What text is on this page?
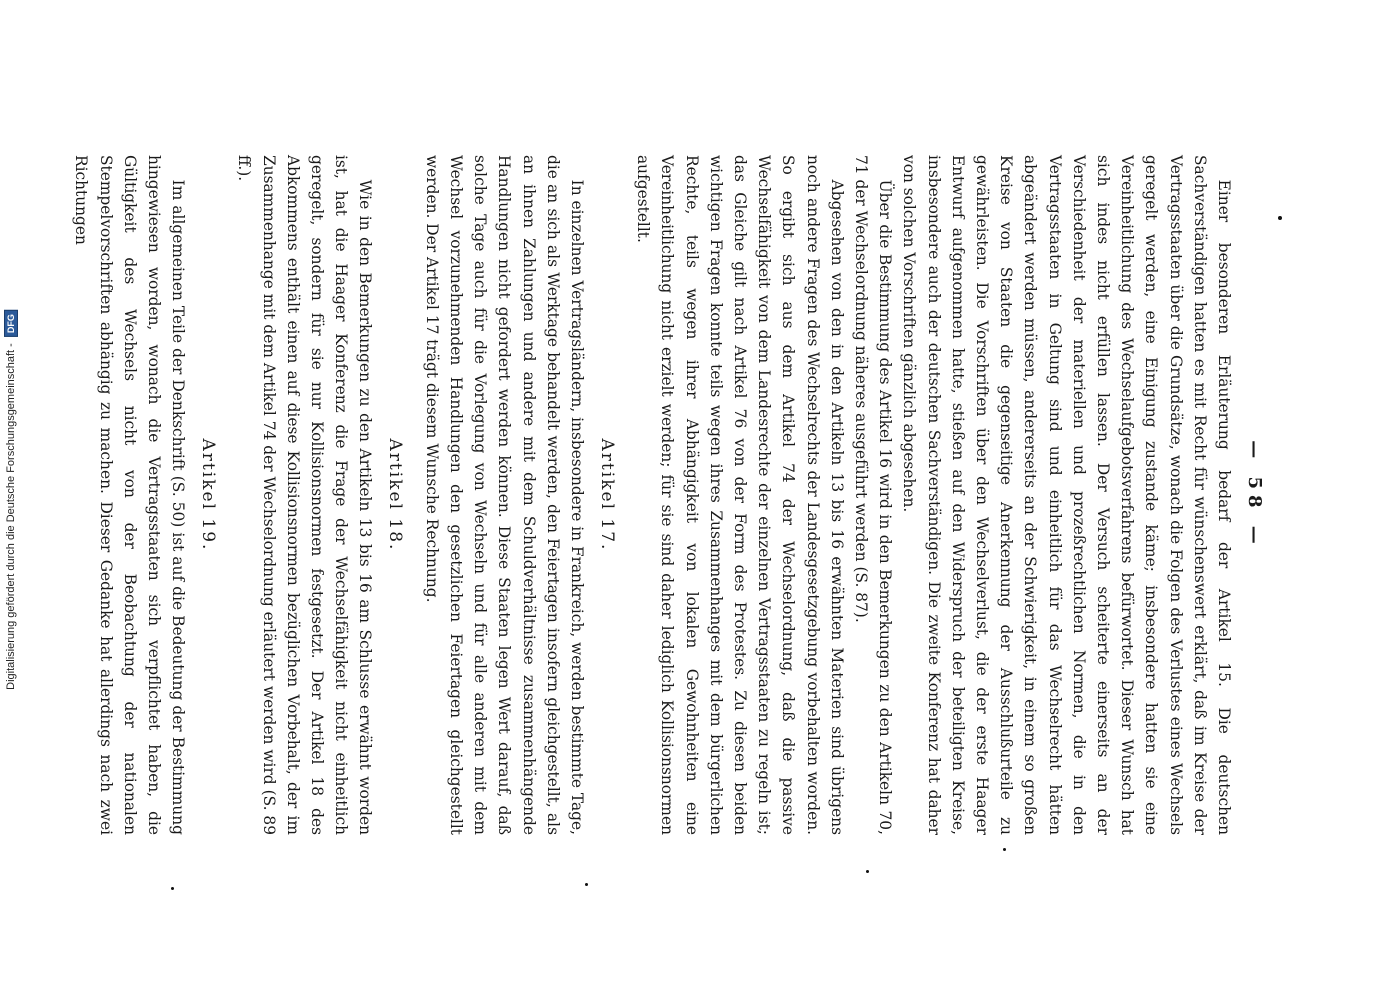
Digitalisierung gefördert durch die Deutsche Forschungsgemeinschaft -
DFG
— 58 —

Einer besonderen Erläuterung bedarf der Artikel 15. Die deutschen Sachverständigen hatten es mit Recht für wünschenswert erklärt, daß im Kreise der Vertragsstaaten über die Grundsätze, wonach die Folgen des Verlustes eines Wechsels geregelt werden, eine Einigung zustande käme; insbesondere hatten sie eine Vereinheitlichung des Wechselaufgebotsverfahrens befürwortet. Dieser Wunsch hat sich indes nicht erfüllen lassen. Der Versuch scheiterte einerseits an der Verschiedenheit der materiellen und prozeßrechtlichen Normen, die in den Vertragsstaaten in Geltung sind und einheitlich für das Wechselrecht hätten abgeändert werden müssen, andererseits an der Schwierigkeit, in einem so großen Kreise von Staaten die gegenseitige Anerkennung der Ausschlußurteile zu gewährleisten. Die Vorschriften über den Wechselverlust, die der erste Haager Entwurf aufgenommen hatte, stießen auf den Widerspruch der beteiligten Kreise, insbesondere auch der deutschen Sachverständigen. Die zweite Konferenz hat daher von solchen Vorschriften gänzlich abgesehen.

Über die Bestimmung des Artikel 16 wird in den Bemerkungen zu den Artikeln 70, 71 der Wechselordnung näheres ausgeführt werden (S. 87).

Abgesehen von den in den Artikeln 13 bis 16 erwähnten Materien sind übrigens noch andere Fragen des Wechselrechts der Landesgesetzgebung vorbehalten worden. So ergibt sich aus dem Artikel 74 der Wechselordnung, daß die passive Wechselfähigkeit von dem Landesrechte der einzelnen Vertragsstaaten zu regeln ist; das Gleiche gilt nach Artikel 76 von der Form des Protestes. Zu diesen beiden wichtigen Fragen konnte teils wegen ihres Zusammenhanges mit dem bürgerlichen Rechte, teils wegen ihrer Abhängigkeit von lokalen Gewohnheiten eine Vereinheitlichung nicht erzielt werden; für sie sind daher lediglich Kollisionsnormen aufgestellt.

Artikel 17.

In einzelnen Vertragsländern, insbesondere in Frankreich, werden bestimmte Tage, die an sich als Werktage behandelt werden, den Feiertagen insofern gleichgestellt, als an ihnen Zahlungen und andere mit dem Schuldverhältnisse zusammenhängende Handlungen nicht gefordert werden können. Diese Staaten legen Wert darauf, daß solche Tage auch für die Vorlegung von Wechseln und für alle anderen mit dem Wechsel vorzunehmenden Handlungen den gesetzlichen Feiertagen gleichgestellt werden. Der Artikel 17 trägt diesem Wunsche Rechnung.

Artikel 18.

Wie in den Bemerkungen zu den Artikeln 13 bis 16 am Schlusse erwähnt worden ist, hat die Haager Konferenz die Frage der Wechselfähigkeit nicht einheitlich geregelt, sondern für sie nur Kollisionsnormen festgesetzt. Der Artikel 18 des Abkommens enthält einen auf diese Kollisionsnormen bezüglichen Vorbehalt, der im Zusammenhange mit dem Artikel 74 der Wechselordnung erläutert werden wird (S. 89 ff.).

Artikel 19.

Im allgemeinen Teile der Denkschrift (S. 50) ist auf die Bedeutung der Bestimmung hingewiesen worden, wonach die Vertragsstaaten sich verpflichtet haben, die Gültigkeit des Wechsels nicht von der Beobachtung der nationalen Stempelvorschriften abhängig zu machen. Dieser Gedanke hat allerdings nach zwei Richtungen
